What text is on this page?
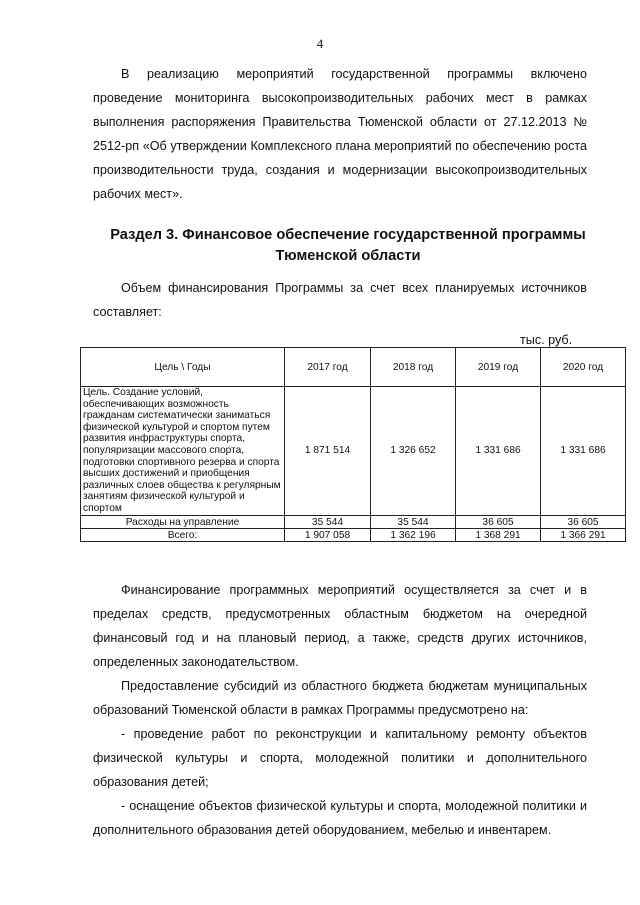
4

В реализацию мероприятий государственной программы включено проведение мониторинга высокопроизводительных рабочих мест в рамках выполнения распоряжения Правительства Тюменской области от 27.12.2013 № 2512-рп «Об утверждении Комплексного плана мероприятий по обеспечению роста производительности труда, создания и модернизации высокопроизводительных рабочих мест».

Раздел 3. Финансовое обеспечение государственной программы Тюменской области

Объем финансирования Программы за счет всех планируемых источников составляет:

тыс. руб.
Цель \ Годы	2017 год	2018 год	2019 год	2020 год
Цель. Создание условий, обеспечивающих возможность гражданам систематически заниматься физической культурой и спортом путем развития инфраструктуры спорта, популяризации массового спорта, подготовки спортивного резерва и спорта высших достижений и приобщения различных слоев общества к регулярным занятиям физической культурой и спортом	1 871 514	1 326 652	1 331 686	1 331 686
Расходы на управление	35 544	35 544	36 605	36 605
Всего:	1 907 058	1 362 196	1 368 291	1 366 291

Финансирование программных мероприятий осуществляется за счет и в пределах средств, предусмотренных областным бюджетом на очередной финансовый год и на плановый период, а также, средств других источников, определенных законодательством.

Предоставление субсидий из областного бюджета бюджетам муниципальных образований Тюменской области в рамках Программы предусмотрено на:

- проведение работ по реконструкции и капитальному ремонту объектов физической культуры и спорта, молодежной политики и дополнительного образования детей;

- оснащение объектов физической культуры и спорта, молодежной политики и дополнительного образования детей оборудованием, мебелью и инвентарем.
